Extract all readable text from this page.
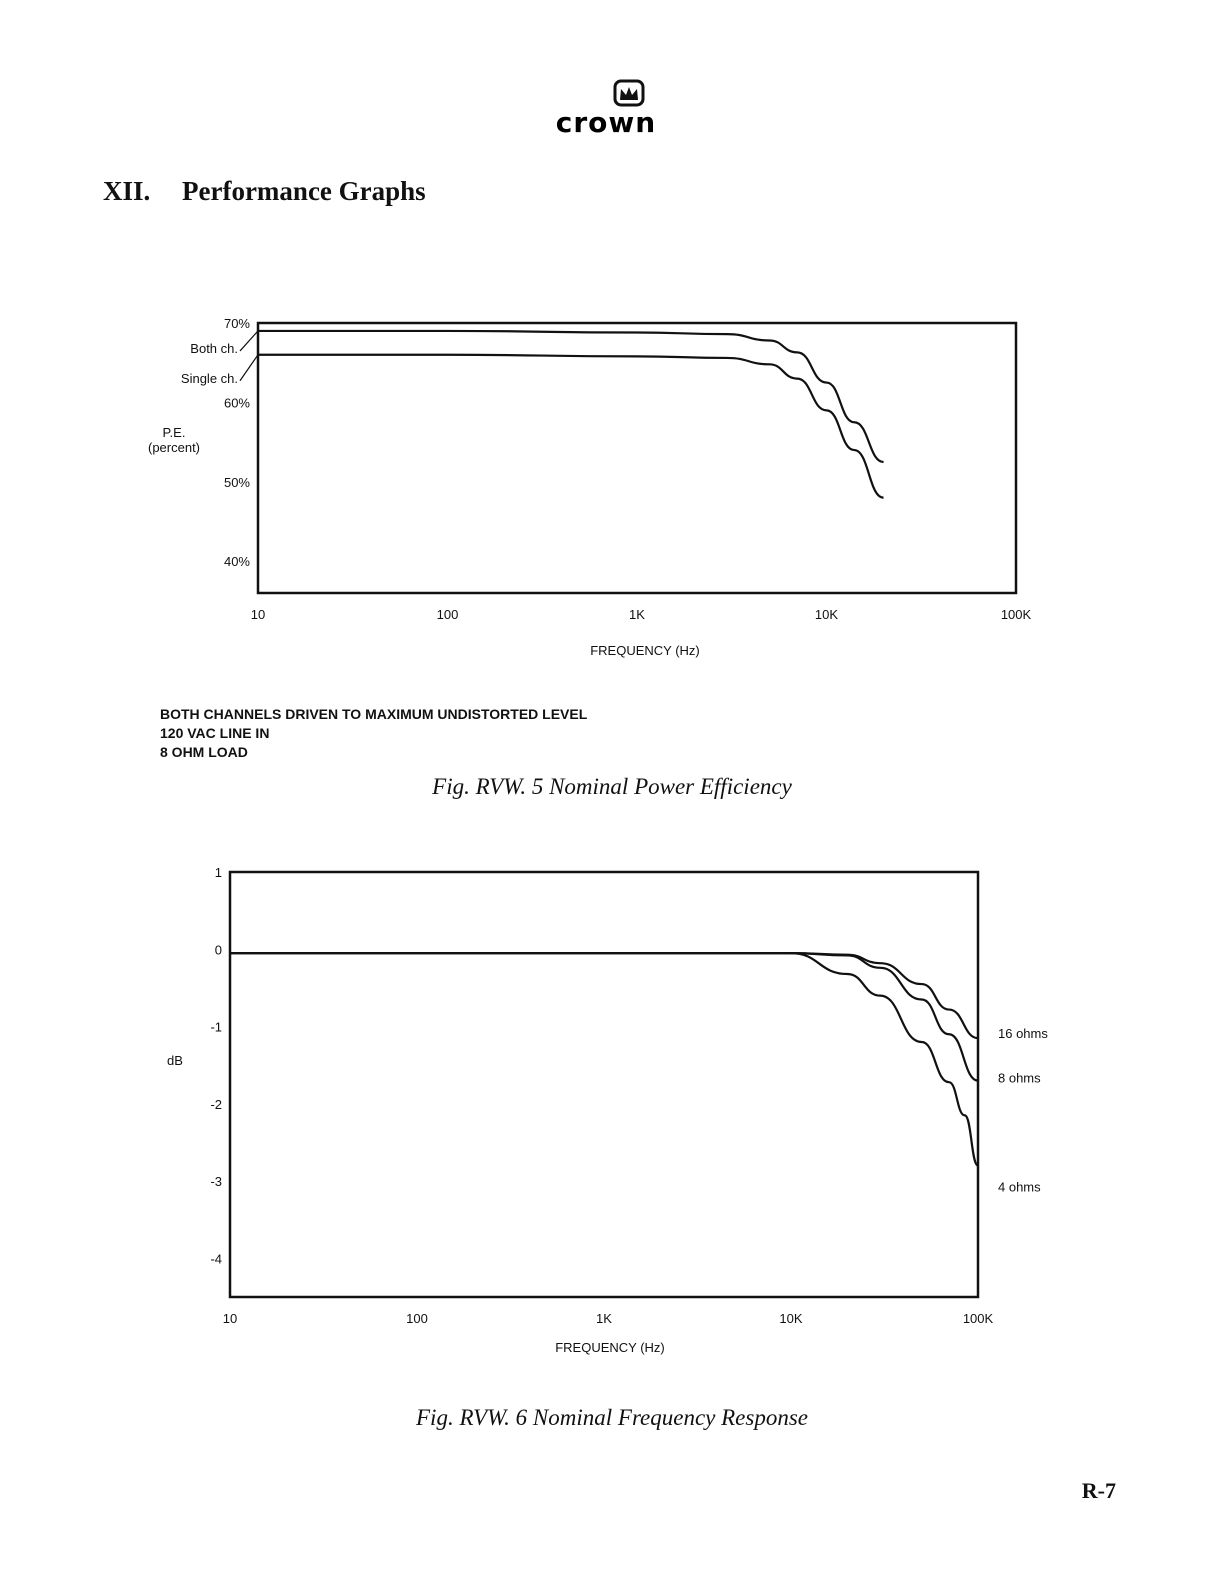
crown
XII. Performance Graphs
P.E.
(percent)
70%
60%
50%
40%
10	100	1K	10K	100K
Both ch.
Single ch.
FREQUENCY (Hz)
BOTH CHANNELS DRIVEN TO MAXIMUM UNDISTORTED LEVEL
120 VAC LINE IN
8 OHM LOAD
Fig. RVW. 5 Nominal Power Efficiency
dB
1
0
-1
-2
-3
-4
10	100	1K	10K	100K
16 ohms
8 ohms
4 ohms
FREQUENCY (Hz)
Fig. RVW. 6 Nominal Frequency Response
R-7
